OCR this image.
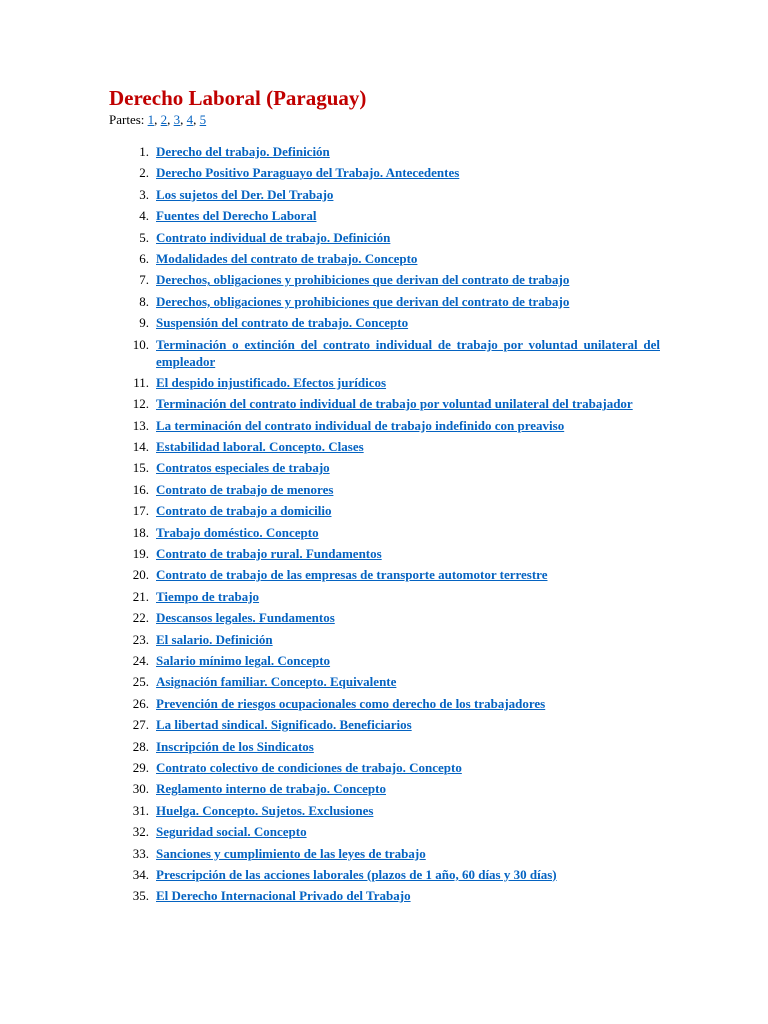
Derecho Laboral (Paraguay)
Partes: 1, 2, 3, 4, 5
1. Derecho del trabajo. Definición
2. Derecho Positivo Paraguayo del Trabajo. Antecedentes
3. Los sujetos del Der. Del Trabajo
4. Fuentes del Derecho Laboral
5. Contrato individual de trabajo. Definición
6. Modalidades del contrato de trabajo. Concepto
7. Derechos, obligaciones y prohibiciones que derivan del contrato de trabajo
8. Derechos, obligaciones y prohibiciones que derivan del contrato de trabajo
9. Suspensión del contrato de trabajo. Concepto
10. Terminación o extinción del contrato individual de trabajo por voluntad unilateral del empleador
11. El despido injustificado. Efectos jurídicos
12. Terminación del contrato individual de trabajo por voluntad unilateral del trabajador
13. La terminación del contrato individual de trabajo indefinido con preaviso
14. Estabilidad laboral. Concepto. Clases
15. Contratos especiales de trabajo
16. Contrato de trabajo de menores
17. Contrato de trabajo a domicilio
18. Trabajo doméstico. Concepto
19. Contrato de trabajo rural. Fundamentos
20. Contrato de trabajo de las empresas de transporte automotor terrestre
21. Tiempo de trabajo
22. Descansos legales. Fundamentos
23. El salario. Definición
24. Salario mínimo legal. Concepto
25. Asignación familiar. Concepto. Equivalente
26. Prevención de riesgos ocupacionales como derecho de los trabajadores
27. La libertad sindical. Significado. Beneficiarios
28. Inscripción de los Sindicatos
29. Contrato colectivo de condiciones de trabajo. Concepto
30. Reglamento interno de trabajo. Concepto
31. Huelga. Concepto. Sujetos. Exclusiones
32. Seguridad social. Concepto
33. Sanciones y cumplimiento de las leyes de trabajo
34. Prescripción de las acciones laborales (plazos de 1 año, 60 días y 30 días)
35. El Derecho Internacional Privado del Trabajo
